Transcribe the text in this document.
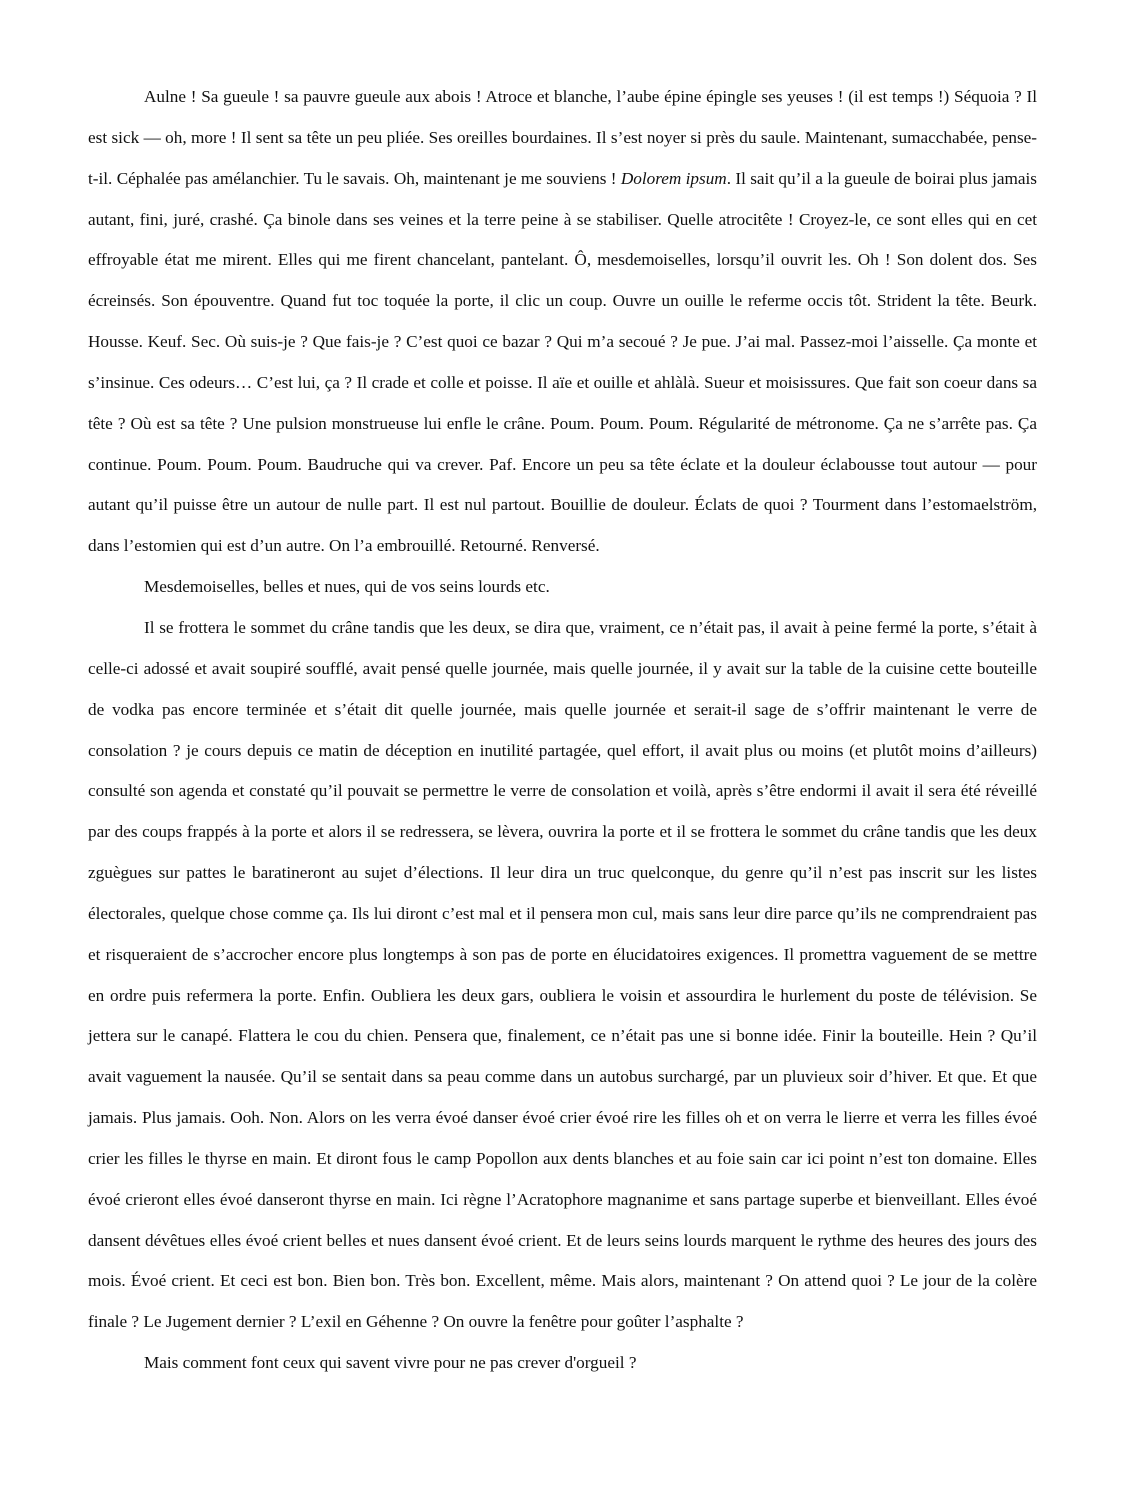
Aulne ! Sa gueule ! sa pauvre gueule aux abois ! Atroce et blanche, l’aube épine épingle ses yeuses ! (il est temps !) Séquoia ? Il est sick — oh, more ! Il sent sa tête un peu pliée. Ses oreilles bourdaines. Il s’est noyer si près du saule. Maintenant, sumacchabée, pense-t-il. Céphalée pas amélanchier. Tu le savais. Oh, maintenant je me souviens ! Dolorem ipsum. Il sait qu’il a la gueule de boirai plus jamais autant, fini, juré, crashé. Ça binole dans ses veines et la terre peine à se stabiliser. Quelle atrocitête ! Croyez-le, ce sont elles qui en cet effroyable état me mirent. Elles qui me firent chancelant, pantelant. Ô, mesdemoiselles, lorsqu’il ouvrit les. Oh ! Son dolent dos. Ses écreinsés. Son épouventre. Quand fut toc toquée la porte, il clic un coup. Ouvre un ouille le referme occis tôt. Strident la tête. Beurk. Housse. Keuf. Sec. Où suis-je ? Que fais-je ? C’est quoi ce bazar ? Qui m’a secoué ? Je pue. J’ai mal. Passez-moi l’aisselle. Ça monte et s’insinue. Ces odeurs… C’est lui, ça ? Il crade et colle et poisse. Il aïe et ouille et ahlàlà. Sueur et moisissures. Que fait son coeur dans sa tête ? Où est sa tête ? Une pulsion monstrueuse lui enfle le crâne. Poum. Poum. Poum. Régularité de métronome. Ça ne s’arrête pas. Ça continue. Poum. Poum. Poum. Baudruche qui va crever. Paf. Encore un peu sa tête éclate et la douleur éclabousse tout autour — pour autant qu’il puisse être un autour de nulle part. Il est nul partout. Bouillie de douleur. Éclats de quoi ? Tourment dans l’estomaelström, dans l’estomien qui est d’un autre. On l’a embrouillé. Retourné. Renversé.

Mesdemoiselles, belles et nues, qui de vos seins lourds etc.

Il se frottera le sommet du crâne tandis que les deux, se dira que, vraiment, ce n’était pas, il avait à peine fermé la porte, s’était à celle-ci adossé et avait soupiré soufflé, avait pensé quelle journée, mais quelle journée, il y avait sur la table de la cuisine cette bouteille de vodka pas encore terminée et s’était dit quelle journée, mais quelle journée et serait-il sage de s’offrir maintenant le verre de consolation ? je cours depuis ce matin de déception en inutilité partagée, quel effort, il avait plus ou moins (et plutôt moins d’ailleurs) consulté son agenda et constaté qu’il pouvait se permettre le verre de consolation et voilà, après s’être endormi il avait il sera été réveillé par des coups frappés à la porte et alors il se redressera, se lèvera, ouvrira la porte et il se frottera le sommet du crâne tandis que les deux zguègues sur pattes le baratineront au sujet d’élections. Il leur dira un truc quelconque, du genre qu’il n’est pas inscrit sur les listes électorales, quelque chose comme ça. Ils lui diront c’est mal et il pensera mon cul, mais sans leur dire parce qu’ils ne comprendraient pas et risqueraient de s’accrocher encore plus longtemps à son pas de porte en élucidatoires exigences. Il promettra vaguement de se mettre en ordre puis refermera la porte. Enfin. Oubliera les deux gars, oubliera le voisin et assourdira le hurlement du poste de télévision. Se jettera sur le canapé. Flattera le cou du chien. Pensera que, finalement, ce n’était pas une si bonne idée. Finir la bouteille. Hein ? Qu’il avait vaguement la nausée. Qu’il se sentait dans sa peau comme dans un autobus surchargé, par un pluvieux soir d’hiver. Et que. Et que jamais. Plus jamais. Ooh. Non. Alors on les verra évoé danser évoé crier évoé rire les filles oh et on verra le lierre et verra les filles évoé crier les filles le thyrse en main. Et diront fous le camp Popollon aux dents blanches et au foie sain car ici point n’est ton domaine. Elles évoé crieront elles évoé danseront thyrse en main. Ici règne l’Acratophore magnanime et sans partage superbe et bienveillant. Elles évoé dansent dévêtues elles évoé crient belles et nues dansent évoé crient. Et de leurs seins lourds marquent le rythme des heures des jours des mois. Évoé crient. Et ceci est bon. Bien bon. Très bon. Excellent, même. Mais alors, maintenant ? On attend quoi ? Le jour de la colère finale ? Le Jugement dernier ? L’exil en Géhenne ? On ouvre la fenêtre pour goûter l’asphalte ?

Mais comment font ceux qui savent vivre pour ne pas crever d'orgueil ?
